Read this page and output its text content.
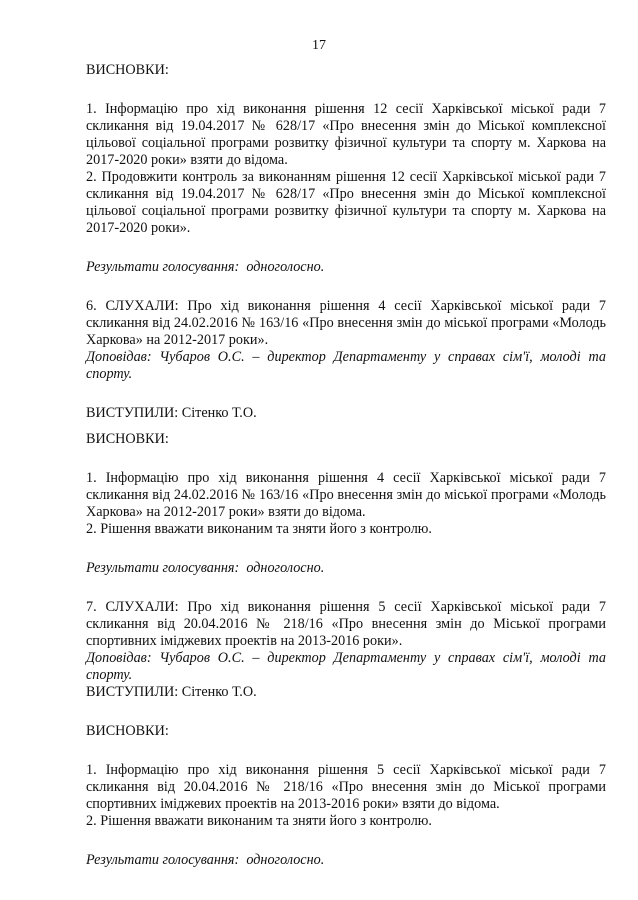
17

ВИСНОВКИ:

1. Інформацію про хід виконання рішення 12 сесії Харківської міської ради 7 скликання від 19.04.2017 № 628/17 «Про внесення змін до Міської комплексної цільової соціальної програми розвитку фізичної культури та спорту м. Харкова на 2017-2020 роки» взяти до відома.

2. Продовжити контроль за виконанням рішення 12 сесії Харківської міської ради 7 скликання від 19.04.2017 № 628/17 «Про внесення змін до Міської комплексної цільової соціальної програми розвитку фізичної культури та спорту м. Харкова на 2017-2020 роки».

Результати голосування: одноголосно.

6. СЛУХАЛИ: Про хід виконання рішення 4 сесії Харківської міської ради 7 скликання від 24.02.2016 № 163/16 «Про внесення змін до міської програми «Молодь Харкова» на 2012-2017 роки».

Доповідав: Чубаров О.С. – директор Департаменту у справах сім'ї, молоді та спорту.

ВИСТУПИЛИ: Сітенко Т.О.

ВИСНОВКИ:

1. Інформацію про хід виконання рішення 4 сесії Харківської міської ради 7 скликання від 24.02.2016 № 163/16 «Про внесення змін до міської програми «Молодь Харкова» на 2012-2017 роки» взяти до відома.

2. Рішення вважати виконаним та зняти його з контролю.

Результати голосування: одноголосно.

7. СЛУХАЛИ: Про хід виконання рішення 5 сесії Харківської міської ради 7 скликання від 20.04.2016 № 218/16 «Про внесення змін до Міської програми спортивних іміджевих проектів на 2013-2016 роки».

Доповідав: Чубаров О.С. – директор Департаменту у справах сім'ї, молоді та спорту.

ВИСТУПИЛИ: Сітенко Т.О.

ВИСНОВКИ:

1. Інформацію про хід виконання рішення 5 сесії Харківської міської ради 7 скликання від 20.04.2016 № 218/16 «Про внесення змін до Міської програми спортивних іміджевих проектів на 2013-2016 роки» взяти до відома.

2. Рішення вважати виконаним та зняти його з контролю.

Результати голосування: одноголосно.
